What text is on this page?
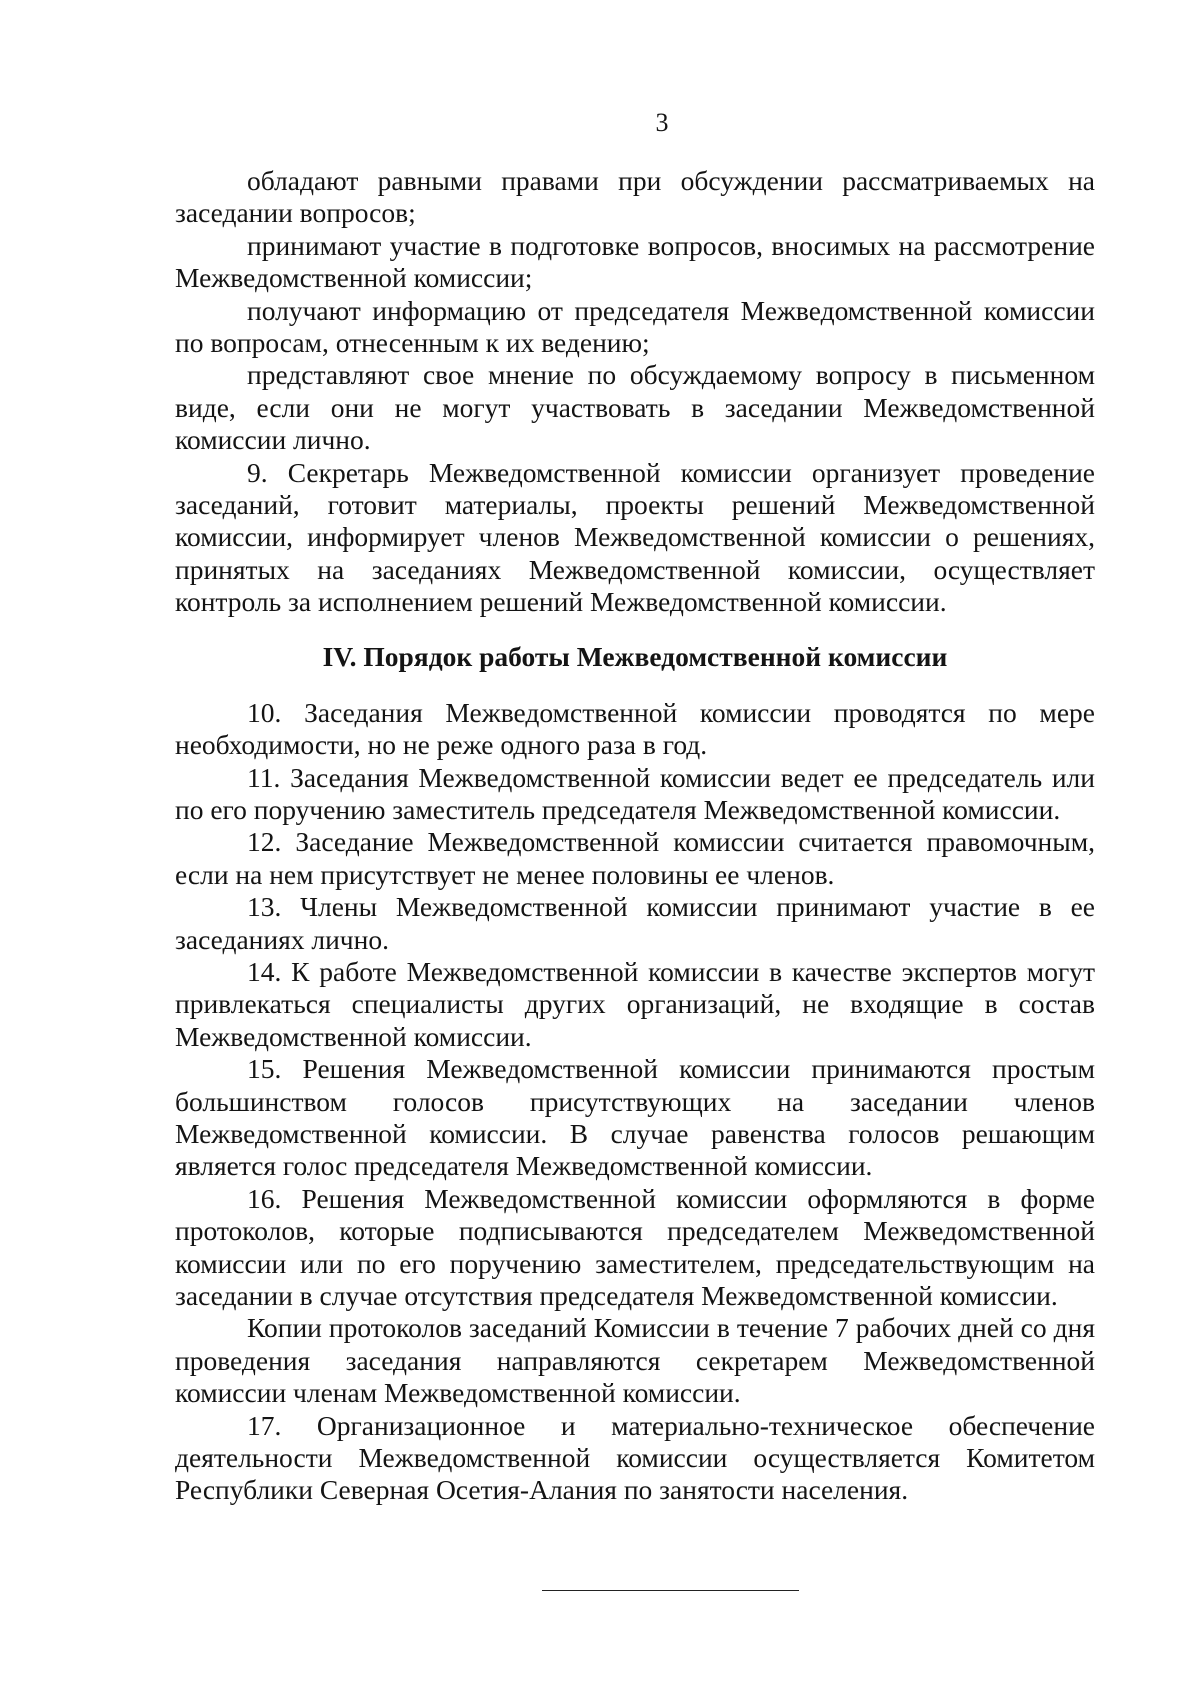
3

обладают равными правами при обсуждении рассматриваемых на заседании вопросов;

принимают участие в подготовке вопросов, вносимых на рассмотрение Межведомственной комиссии;

получают информацию от председателя Межведомственной комиссии по вопросам, отнесенным к их ведению;

представляют свое мнение по обсуждаемому вопросу в письменном виде, если они не могут участвовать в заседании Межведомственной комиссии лично.

9. Секретарь Межведомственной комиссии организует проведение заседаний, готовит материалы, проекты решений Межведомственной комиссии, информирует членов Межведомственной комиссии о решениях, принятых на заседаниях Межведомственной комиссии, осуществляет контроль за исполнением решений Межведомственной комиссии.

IV. Порядок работы Межведомственной комиссии

10. Заседания Межведомственной комиссии проводятся по мере необходимости, но не реже одного раза в год.

11. Заседания Межведомственной комиссии ведет ее председатель или по его поручению заместитель председателя Межведомственной комиссии.

12. Заседание Межведомственной комиссии считается правомочным, если на нем присутствует не менее половины ее членов.

13. Члены Межведомственной комиссии принимают участие в ее заседаниях лично.

14. К работе Межведомственной комиссии в качестве экспертов могут привлекаться специалисты других организаций, не входящие в состав Межведомственной комиссии.

15. Решения Межведомственной комиссии принимаются простым большинством голосов присутствующих на заседании членов Межведомственной комиссии. В случае равенства голосов решающим является голос председателя Межведомственной комиссии.

16. Решения Межведомственной комиссии оформляются в форме протоколов, которые подписываются председателем Межведомственной комиссии или по его поручению заместителем, председательствующим на заседании в случае отсутствия председателя Межведомственной комиссии.

Копии протоколов заседаний Комиссии в течение 7 рабочих дней со дня проведения заседания направляются секретарем Межведомственной комиссии членам Межведомственной комиссии.

17. Организационное и материально-техническое обеспечение деятельности Межведомственной комиссии осуществляется Комитетом Республики Северная Осетия-Алания по занятости населения.
